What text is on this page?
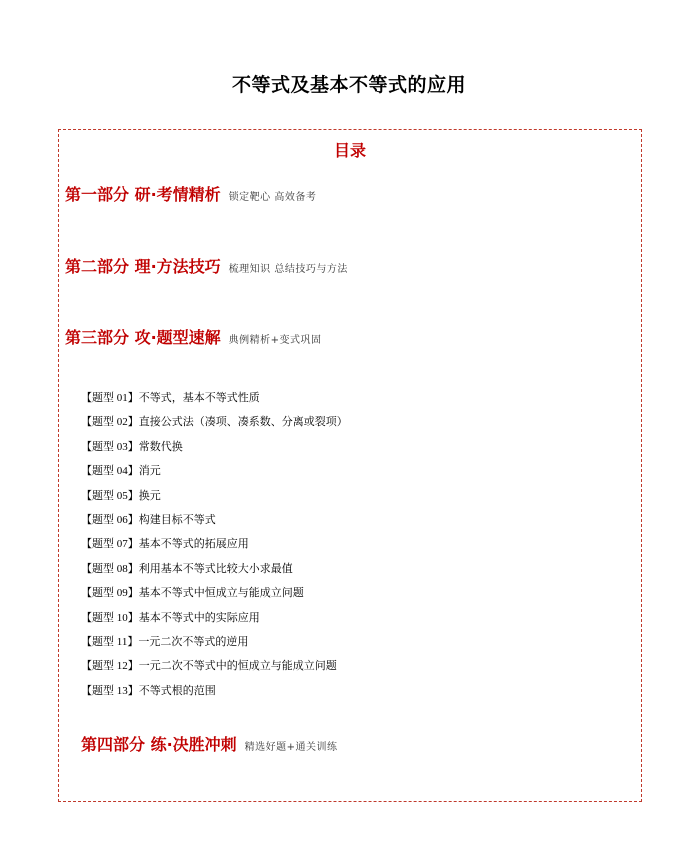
不等式及基本不等式的应用
目录
第一部分 研·考情精析 锁定靶心 高效备考
第二部分 理·方法技巧 梳理知识 总结技巧与方法
第三部分 攻·题型速解 典例精析+变式巩固
【题型 01】不等式，基本不等式性质
【题型 02】直接公式法（凑项、凑系数、分离或裂项）
【题型 03】常数代换
【题型 04】消元
【题型 05】换元
【题型 06】构建目标不等式
【题型 07】基本不等式的拓展应用
【题型 08】利用基本不等式比较大小求最值
【题型 09】基本不等式中恒成立与能成立问题
【题型 10】基本不等式中的实际应用
【题型 11】一元二次不等式的逆用
【题型 12】一元二次不等式中的恒成立与能成立问题
【题型 13】不等式根的范围
第四部分 练·决胜冲刺 精选好题+通关训练
